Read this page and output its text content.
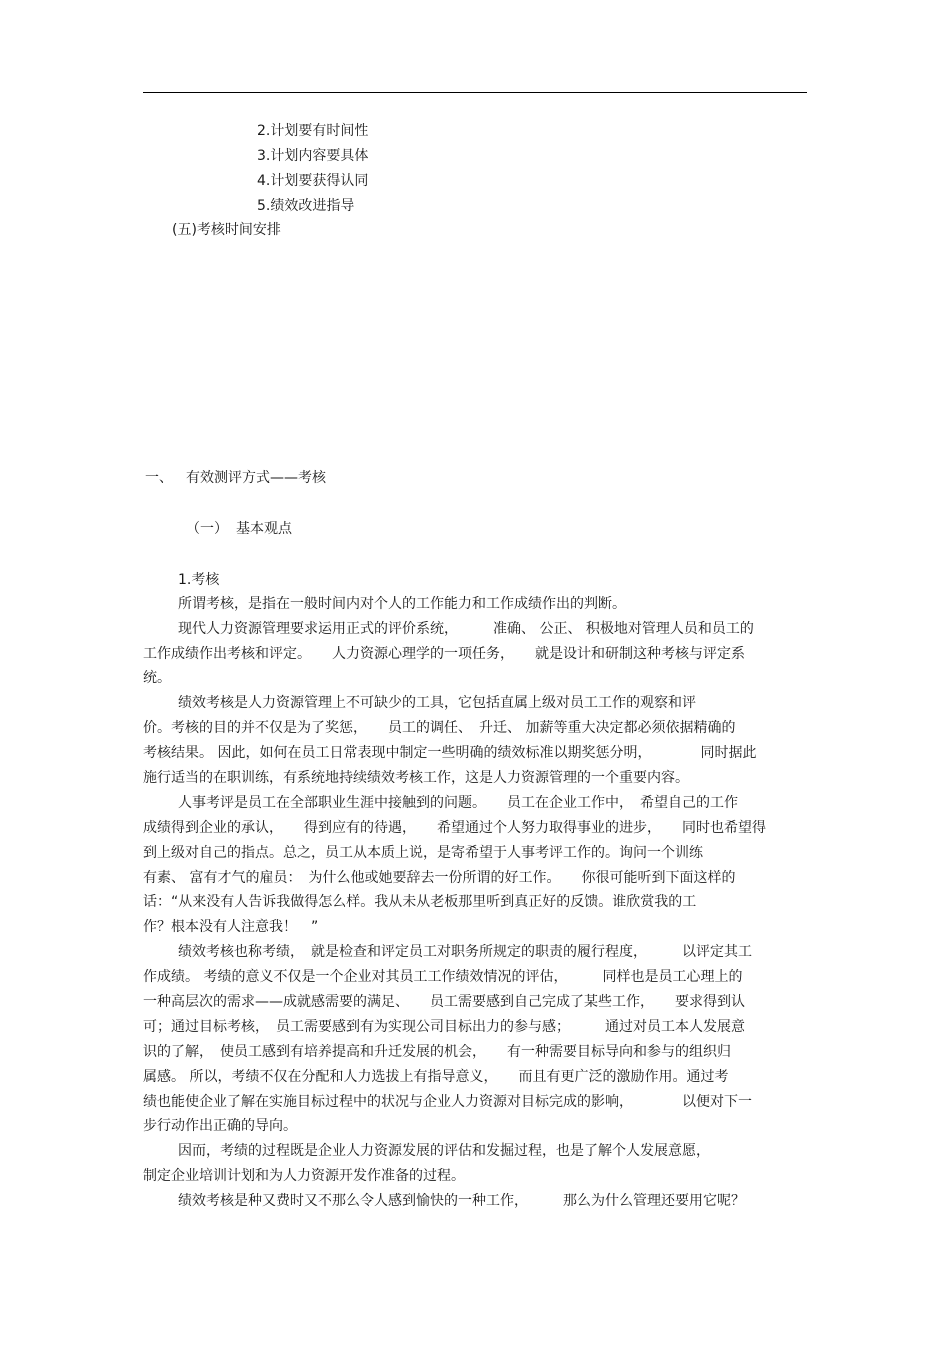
2.计划要有时间性
3.计划内容要具体
4.计划要获得认同
5.绩效改进指导
(五)考核时间安排
一、 有效测评方式——考核
（一） 基本观点
1.考核
所谓考核，是指在一般时间内对个人的工作能力和工作成绩作出的判断。
现代人力资源管理要求运用正式的评价系统，　　　准确、 公正、 积极地对管理人员和员工的
工作成绩作出考核和评定。　　人力资源心理学的一项任务，　　就是设计和研制这种考核与评定系
统。
绩效考核是人力资源管理上不可缺少的工具，它包括直属上级对员工工作的观察和评
价。考核的目的并不仅是为了奖惩，　　员工的调任、　升迁、 加薪等重大决定都必须依据精确的
考核结果。 因此，如何在员工日常表现中制定一些明确的绩效标准以期奖惩分明，　　　　同时据此
施行适当的在职训练，有系统地持续绩效考核工作，这是人力资源管理的一个重要内容。
人事考评是员工在全部职业生涯中接触到的问题。　　员工在企业工作中，　希望自己的工作
成绩得到企业的承认，　　得到应有的待遇，　　希望通过个人努力取得事业的进步，　　同时也希望得
到上级对自己的指点。总之，员工从本质上说，是寄希望于人事考评工作的。询问一个训练
有素、 富有才气的雇员：　为什么他或她要辞去一份所谓的好工作。　　你很可能听到下面这样的
话：“从来没有人告诉我做得怎么样。我从未从老板那里听到真正好的反馈。谁欣赏我的工
作？根本没有人注意我！　”
绩效考核也称考绩，　就是检查和评定员工对职务所规定的职责的履行程度，　　　以评定其工
作成绩。 考绩的意义不仅是一个企业对其员工工作绩效情况的评估，　　　同样也是员工心理上的
一种高层次的需求——成就感需要的满足、　　员工需要感到自己完成了某些工作，　　要求得到认
可；通过目标考核，　员工需要感到有为实现公司目标出力的参与感；　　　通过对员工本人发展意
识的了解，　使员工感到有培养提高和升迁发展的机会，　　有一种需要目标导向和参与的组织归
属感。 所以，考绩不仅在分配和人力选拔上有指导意义，　　而且有更广泛的激励作用。通过考
绩也能使企业了解在实施目标过程中的状况与企业人力资源对目标完成的影响，　　　　以便对下一
步行动作出正确的导向。
因而，考绩的过程既是企业人力资源发展的评估和发掘过程，也是了解个人发展意愿，
制定企业培训计划和为人力资源开发作准备的过程。
绩效考核是种又费时又不那么令人感到愉快的一种工作，　　　那么为什么管理还要用它呢？
